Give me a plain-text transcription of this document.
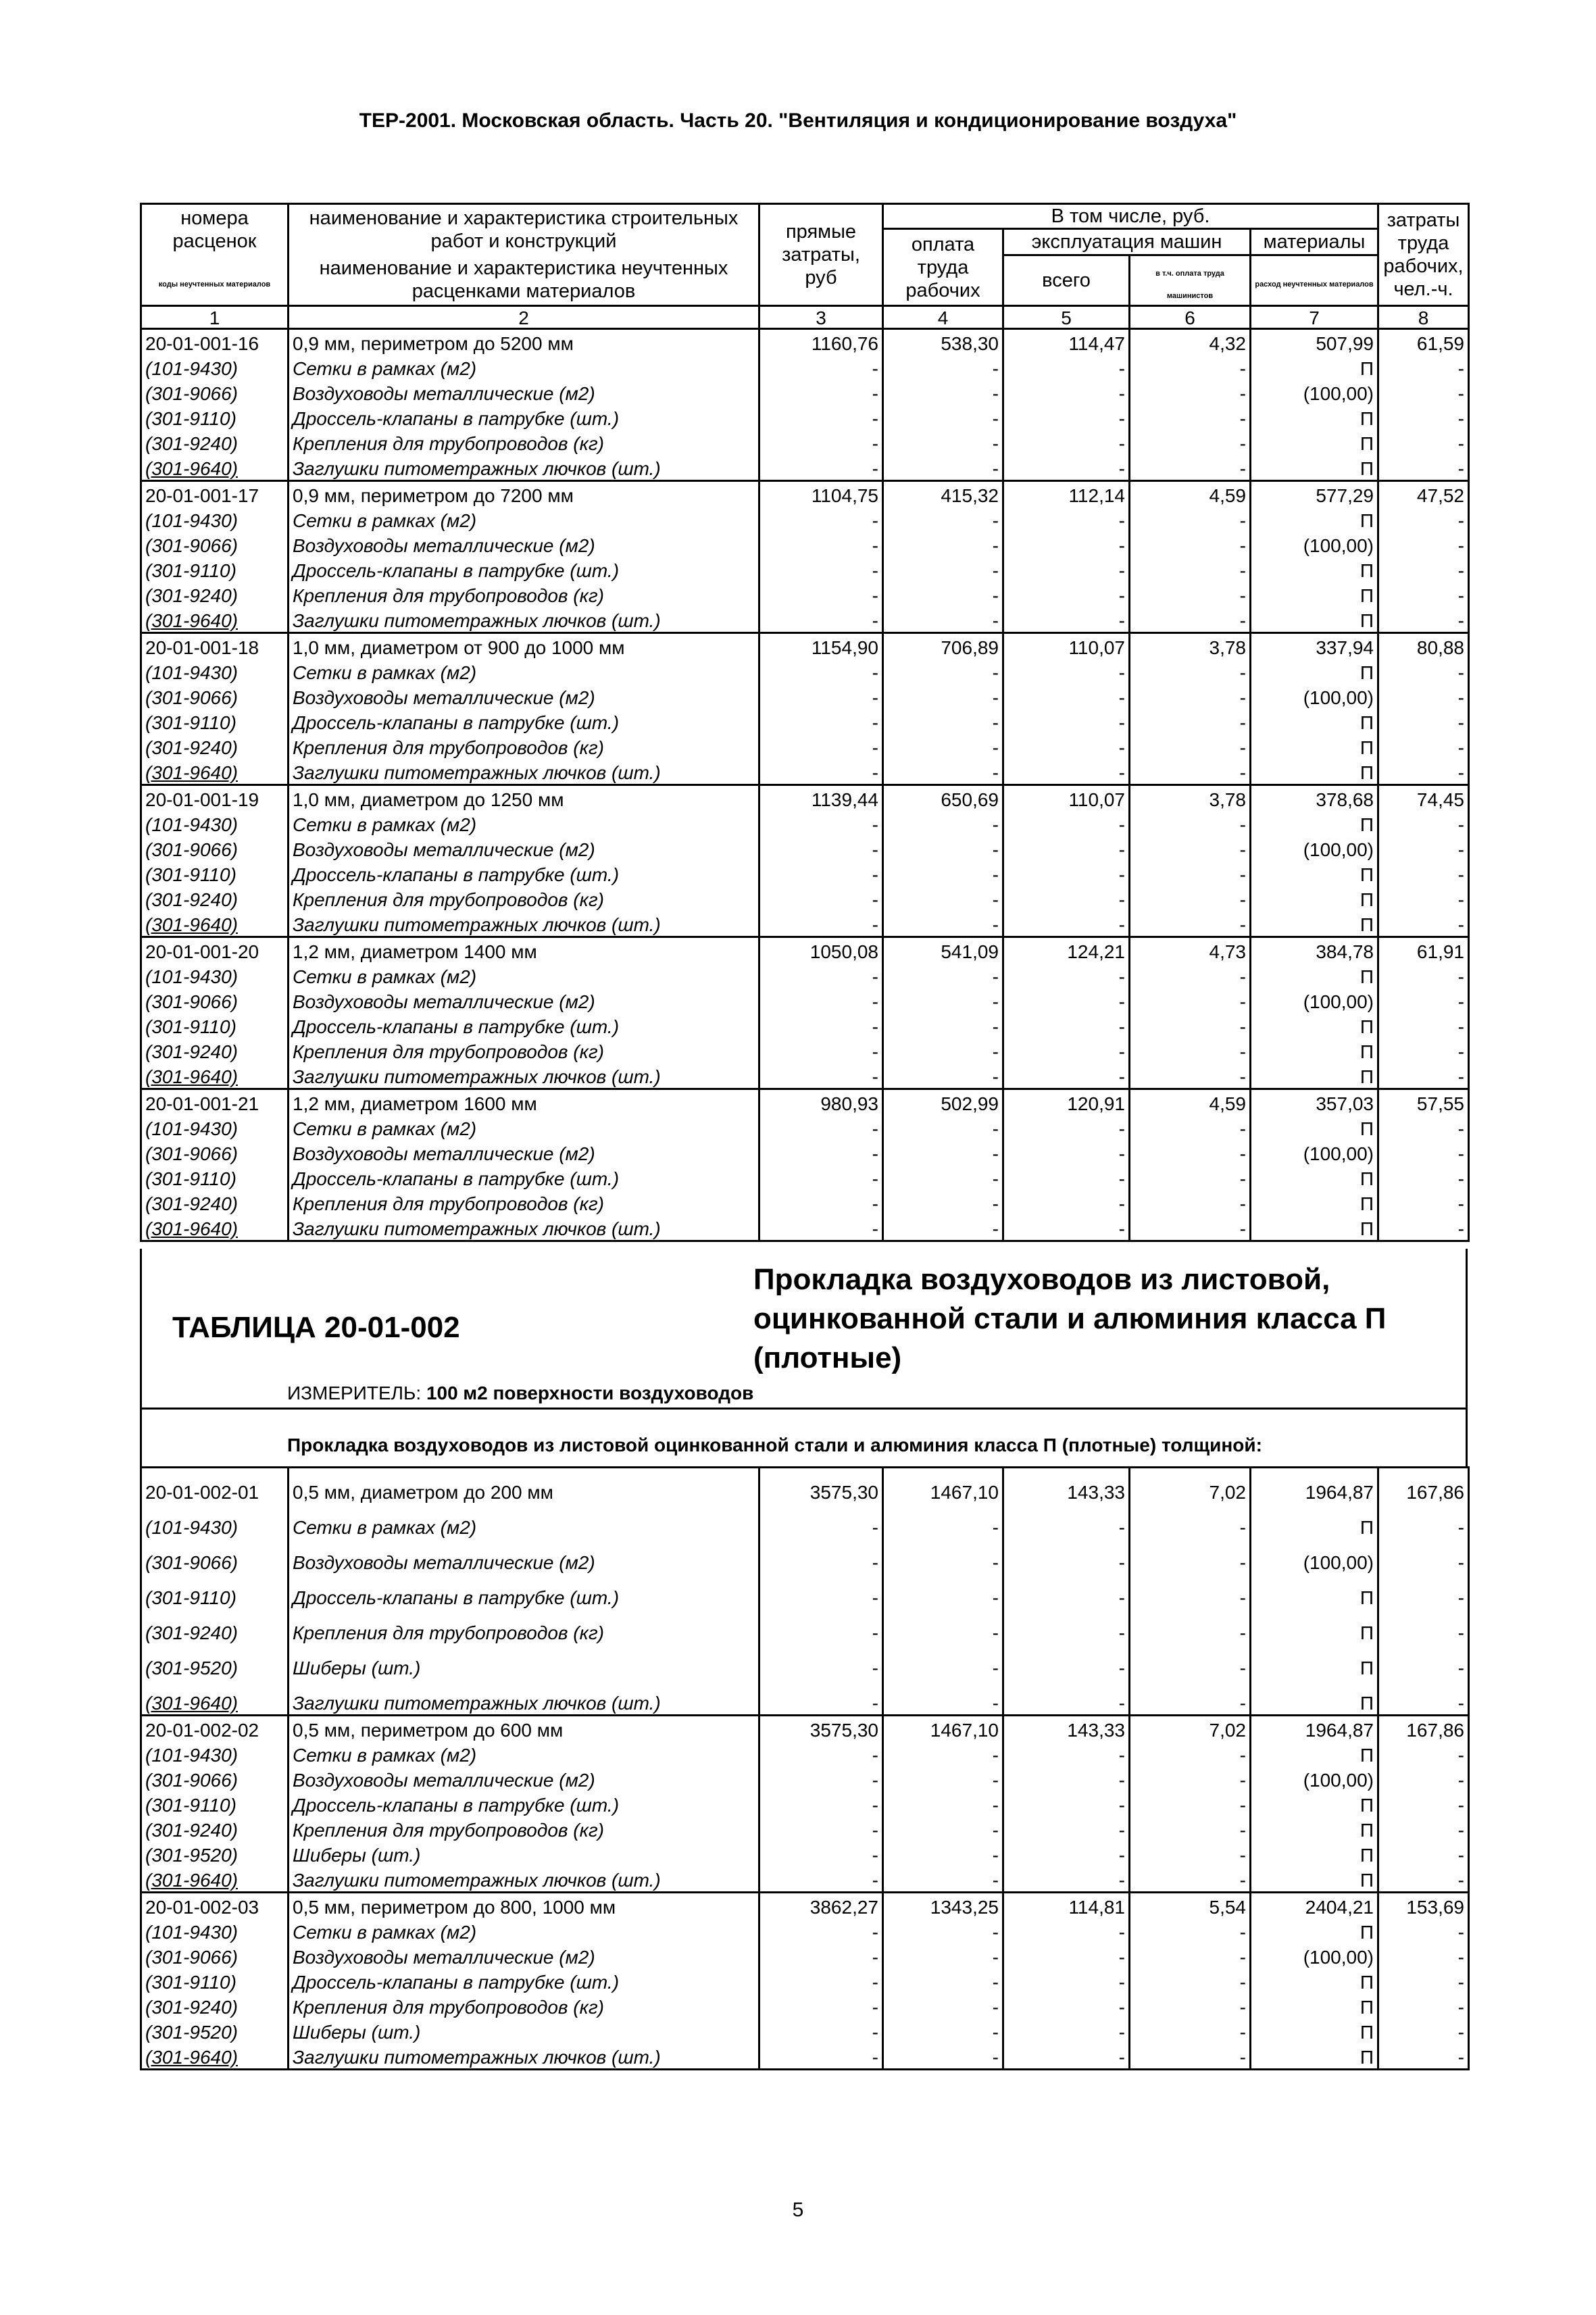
ТЕР-2001. Московская область. Часть 20. "Вентиляция и кондиционирование воздуха"
номера расценок	наименование и характеристика строительных работ и конструкций	прямые затраты, руб	В том числе, руб.				затраты труда рабочих, чел.-ч.
			оплата труда рабочих	эксплуатация машин		материалы	
коды неучтенных материалов	наименование и характеристика неучтенных расценками материалов			всего	в т.ч. оплата труда машинистов	расход неучтенных материалов	

1	2	3	4	5	6	7	8
20-01-001-16	0,9 мм, периметром до 5200 мм	1160,76	538,30	114,47	4,32	507,99	61,59
(101-9430)	Сетки в рамках (м2)	-	-	-	-	П	-
(301-9066)	Воздуховоды металлические (м2)	-	-	-	-	(100,00)	-
(301-9110)	Дроссель-клапаны в патрубке (шт.)	-	-	-	-	П	-
(301-9240)	Крепления для трубопроводов (кг)	-	-	-	-	П	-
(301-9640)	Заглушки питометражных лючков (шт.)	-	-	-	-	П	-
20-01-001-17	0,9 мм, периметром до 7200 мм	1104,75	415,32	112,14	4,59	577,29	47,52
(101-9430)	Сетки в рамках (м2)	-	-	-	-	П	-
(301-9066)	Воздуховоды металлические (м2)	-	-	-	-	(100,00)	-
(301-9110)	Дроссель-клапаны в патрубке (шт.)	-	-	-	-	П	-
(301-9240)	Крепления для трубопроводов (кг)	-	-	-	-	П	-
(301-9640)	Заглушки питометражных лючков (шт.)	-	-	-	-	П	-
20-01-001-18	1,0 мм, диаметром от 900 до 1000 мм	1154,90	706,89	110,07	3,78	337,94	80,88
(101-9430)	Сетки в рамках (м2)	-	-	-	-	П	-
(301-9066)	Воздуховоды металлические (м2)	-	-	-	-	(100,00)	-
(301-9110)	Дроссель-клапаны в патрубке (шт.)	-	-	-	-	П	-
(301-9240)	Крепления для трубопроводов (кг)	-	-	-	-	П	-
(301-9640)	Заглушки питометражных лючков (шт.)	-	-	-	-	П	-
20-01-001-19	1,0 мм, диаметром до 1250 мм	1139,44	650,69	110,07	3,78	378,68	74,45
(101-9430)	Сетки в рамках (м2)	-	-	-	-	П	-
(301-9066)	Воздуховоды металлические (м2)	-	-	-	-	(100,00)	-
(301-9110)	Дроссель-клапаны в патрубке (шт.)	-	-	-	-	П	-
(301-9240)	Крепления для трубопроводов (кг)	-	-	-	-	П	-
(301-9640)	Заглушки питометражных лючков (шт.)	-	-	-	-	П	-
20-01-001-20	1,2 мм, диаметром 1400 мм	1050,08	541,09	124,21	4,73	384,78	61,91
(101-9430)	Сетки в рамках (м2)	-	-	-	-	П	-
(301-9066)	Воздуховоды металлические (м2)	-	-	-	-	(100,00)	-
(301-9110)	Дроссель-клапаны в патрубке (шт.)	-	-	-	-	П	-
(301-9240)	Крепления для трубопроводов (кг)	-	-	-	-	П	-
(301-9640)	Заглушки питометражных лючков (шт.)	-	-	-	-	П	-
20-01-001-21	1,2 мм, диаметром 1600 мм	980,93	502,99	120,91	4,59	357,03	57,55
(101-9430)	Сетки в рамках (м2)	-	-	-	-	П	-
(301-9066)	Воздуховоды металлические (м2)	-	-	-	-	(100,00)	-
(301-9110)	Дроссель-клапаны в патрубке (шт.)	-	-	-	-	П	-
(301-9240)	Крепления для трубопроводов (кг)	-	-	-	-	П	-
(301-9640)	Заглушки питометражных лючков (шт.)	-	-	-	-	П	-
ТАБЛИЦА 20-01-002
Прокладка воздуховодов из листовой, оцинкованной стали и алюминия класса П (плотные)
ИЗМЕРИТЕЛЬ: 100 м2 поверхности воздуховодов
Прокладка воздуховодов из листовой оцинкованной стали и алюминия класса П (плотные) толщиной:
20-01-002-01	0,5 мм, диаметром до 200 мм	3575,30	1467,10	143,33	7,02	1964,87	167,86
(101-9430)	Сетки в рамках (м2)	-	-	-	-	П	-
(301-9066)	Воздуховоды металлические (м2)	-	-	-	-	(100,00)	-
(301-9110)	Дроссель-клапаны в патрубке (шт.)	-	-	-	-	П	-
(301-9240)	Крепления для трубопроводов (кг)	-	-	-	-	П	-
(301-9520)	Шиберы (шт.)	-	-	-	-	П	-
(301-9640)	Заглушки питометражных лючков (шт.)	-	-	-	-	П	-
20-01-002-02	0,5 мм, периметром до 600 мм	3575,30	1467,10	143,33	7,02	1964,87	167,86
(101-9430)	Сетки в рамках (м2)	-	-	-	-	П	-
(301-9066)	Воздуховоды металлические (м2)	-	-	-	-	(100,00)	-
(301-9110)	Дроссель-клапаны в патрубке (шт.)	-	-	-	-	П	-
(301-9240)	Крепления для трубопроводов (кг)	-	-	-	-	П	-
(301-9520)	Шиберы (шт.)	-	-	-	-	П	-
(301-9640)	Заглушки питометражных лючков (шт.)	-	-	-	-	П	-
20-01-002-03	0,5 мм, периметром до 800, 1000 мм	3862,27	1343,25	114,81	5,54	2404,21	153,69
(101-9430)	Сетки в рамках (м2)	-	-	-	-	П	-
(301-9066)	Воздуховоды металлические (м2)	-	-	-	-	(100,00)	-
(301-9110)	Дроссель-клапаны в патрубке (шт.)	-	-	-	-	П	-
(301-9240)	Крепления для трубопроводов (кг)	-	-	-	-	П	-
(301-9520)	Шиберы (шт.)	-	-	-	-	П	-
(301-9640)	Заглушки питометражных лючков (шт.)	-	-	-	-	П	-
5
